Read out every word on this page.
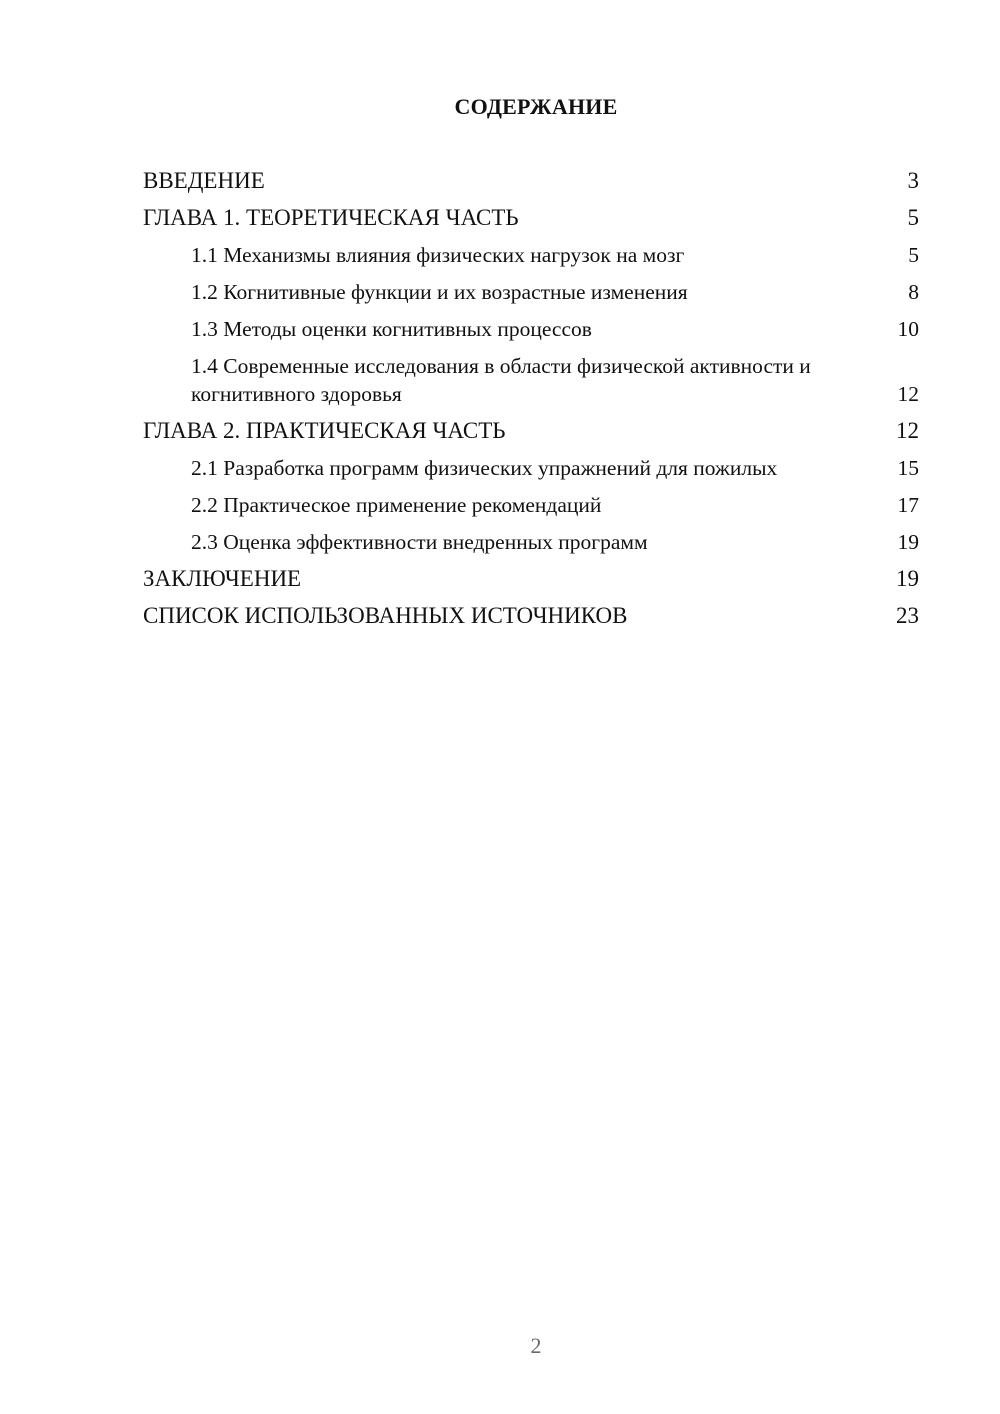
СОДЕРЖАНИЕ
ВВЕДЕНИЕ	3
ГЛАВА 1. ТЕОРЕТИЧЕСКАЯ ЧАСТЬ	5
1.1 Механизмы влияния физических нагрузок на мозг	5
1.2 Когнитивные функции и их возрастные изменения	8
1.3 Методы оценки когнитивных процессов	10
1.4 Современные исследования в области физической активности и когнитивного здоровья	12
ГЛАВА 2. ПРАКТИЧЕСКАЯ ЧАСТЬ	12
2.1 Разработка программ физических упражнений для пожилых	15
2.2 Практическое применение рекомендаций	17
2.3 Оценка эффективности внедренных программ	19
ЗАКЛЮЧЕНИЕ	19
СПИСОК ИСПОЛЬЗОВАННЫХ ИСТОЧНИКОВ	23
2
